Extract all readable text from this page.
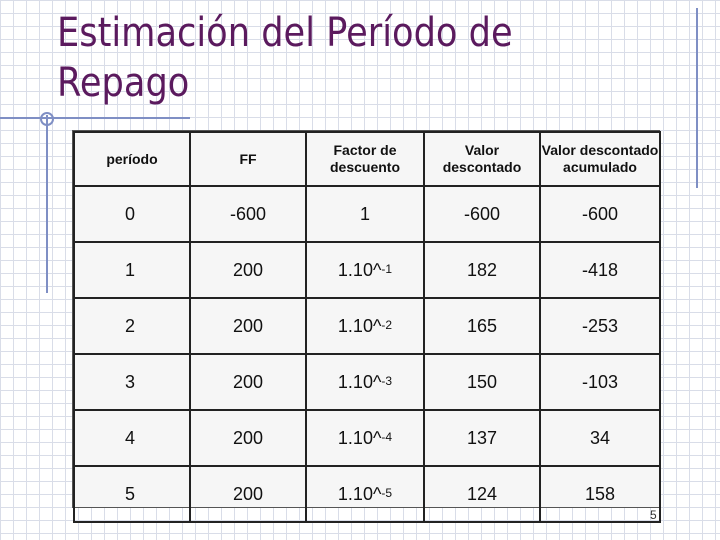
Estimación del Período de
Repago
período	FF	Factor de descuento	Valor descontado	Valor descontado acumulado
0	-600	1	-600	-600
1	200	1.10^$^{-1}$	182	-418
2	200	1.10^$^{-2}$	165	-253
3	200	1.10^$^{-3}$	150	-103
4	200	1.10^$^{-4}$	137	34
5	200	1.10^$^{-5}$	124	158
5
